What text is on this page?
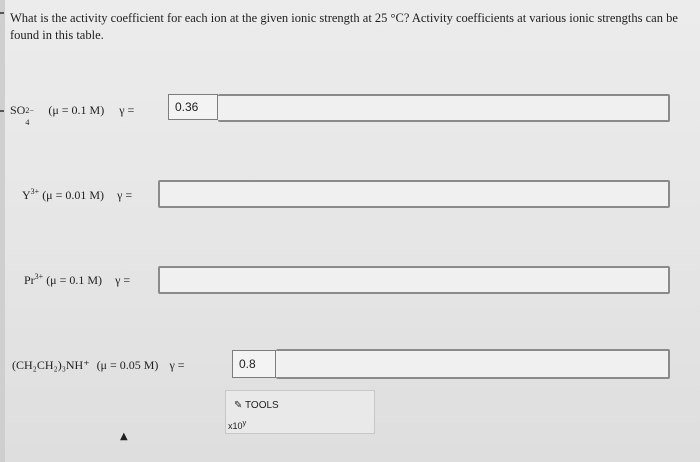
What is the activity coefficient for each ion at the given ionic strength at 25 °C? Activity coefficients at various ionic strengths can be found in this table.
SO 2−
4
(μ = 0.1 M) γ =	0.36
$Y^{3+}$ (μ = 0.01 M) γ =
$Pr^{3+}$ (μ = 0.1 M) γ =
(CH₂CH₂)₃NH⁺ (μ = 0.05 M) γ =	0.8
✎ TOOLS
x10$^y$
▲
